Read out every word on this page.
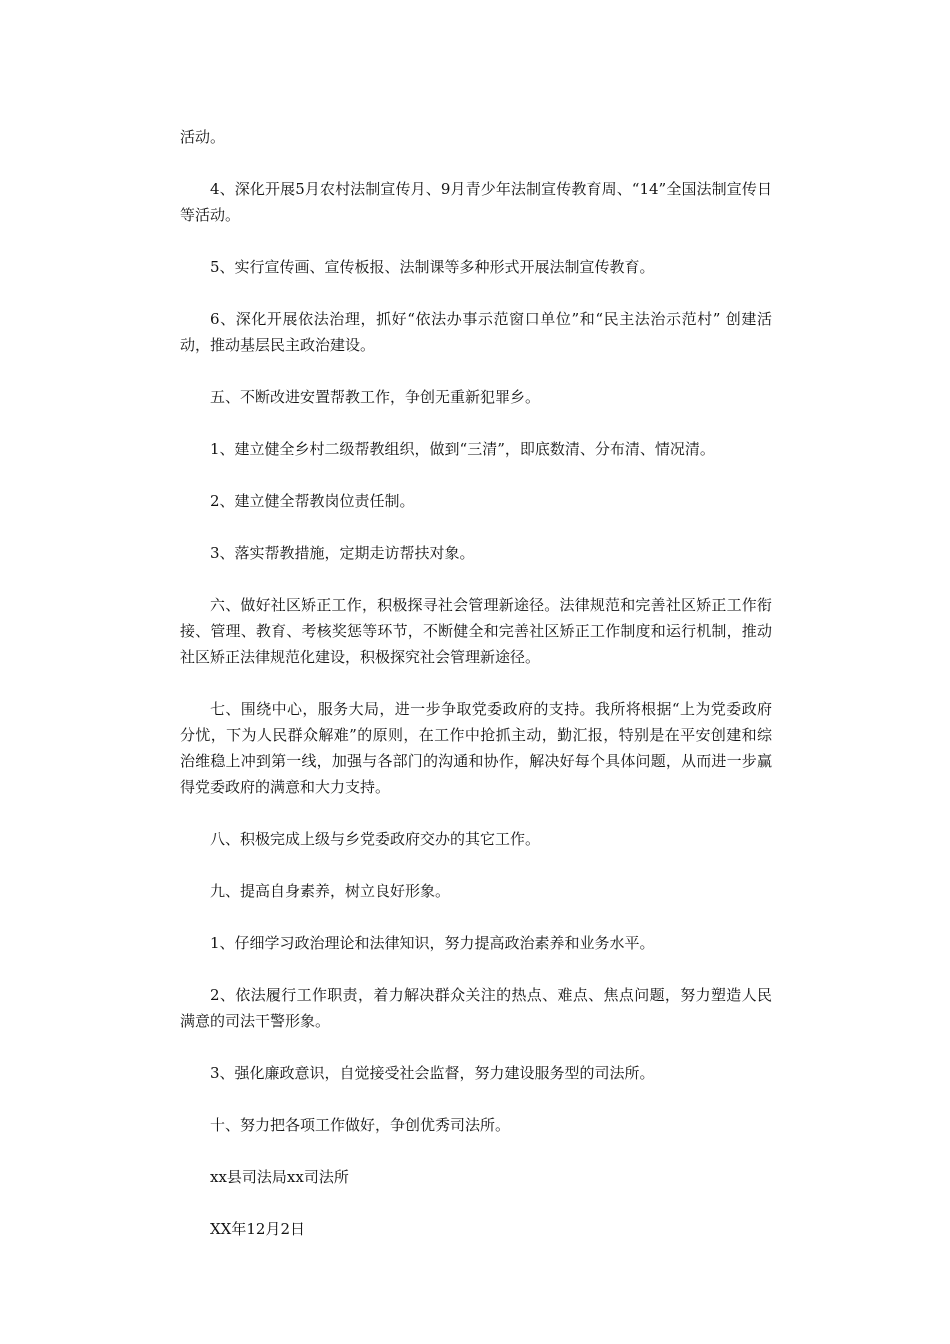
活动。

4、深化开展5月农村法制宣传月、9月青少年法制宣传教育周、“14”全国法制宣传日等活动。

5、实行宣传画、宣传板报、法制课等多种形式开展法制宣传教育。

6、深化开展依法治理，抓好“依法办事示范窗口单位”和“民主法治示范村” 创建活动，推动基层民主政治建设。

五、不断改进安置帮教工作，争创无重新犯罪乡。

1、建立健全乡村二级帮教组织，做到“三清”，即底数清、分布清、情况清。

2、建立健全帮教岗位责任制。

3、落实帮教措施，定期走访帮扶对象。

六、做好社区矫正工作，积极探寻社会管理新途径。法律规范和完善社区矫正工作衔接、管理、教育、考核奖惩等环节，不断健全和完善社区矫正工作制度和运行机制，推动社区矫正法律规范化建设，积极探究社会管理新途径。

七、围绕中心，服务大局，进一步争取党委政府的支持。我所将根据“上为党委政府分忧，下为人民群众解难”的原则，在工作中抢抓主动，勤汇报，特别是在平安创建和综治维稳上冲到第一线，加强与各部门的沟通和协作，解决好每个具体问题，从而进一步赢得党委政府的满意和大力支持。

八、积极完成上级与乡党委政府交办的其它工作。

九、提高自身素养，树立良好形象。

1、仔细学习政治理论和法律知识，努力提高政治素养和业务水平。

2、依法履行工作职责，着力解决群众关注的热点、难点、焦点问题，努力塑造人民满意的司法干警形象。

3、强化廉政意识，自觉接受社会监督，努力建设服务型的司法所。

十、努力把各项工作做好，争创优秀司法所。

xx县司法局xx司法所

XX年12月2日
